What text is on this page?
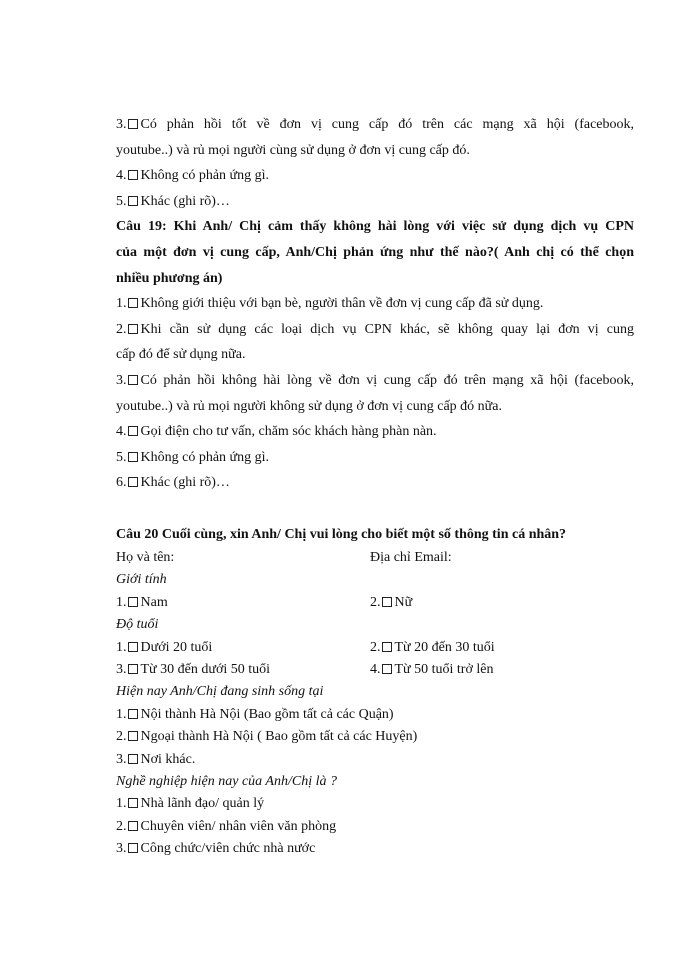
3. Có phản hồi tốt về đơn vị cung cấp đó trên các mạng xã hội (facebook,
youtube..) và rủ mọi người cùng sử dụng ở đơn vị cung cấp đó.
4. Không có phản ứng gì.
5. Khác (ghi rõ)…
Câu 19: Khi Anh/ Chị cảm thấy không hài lòng với việc sử dụng dịch vụ CPN
của một đơn vị cung cấp, Anh/Chị phản ứng như thế nào?( Anh chị có thể chọn
nhiều phương án)
1. Không giới thiệu với bạn bè, người thân về đơn vị cung cấp đã sử dụng.
2. Khi cần sử dụng các loại dịch vụ CPN khác, sẽ không quay lại đơn vị cung
cấp đó để sử dụng nữa.
3. Có phản hồi không hài lòng về đơn vị cung cấp đó trên mạng xã hội (facebook,
youtube..) và rủ mọi người không sử dụng ở đơn vị cung cấp đó nữa.
4. Gọi điện cho tư vấn, chăm sóc khách hàng phàn nàn.
5. Không có phản ứng gì.
6. Khác (ghi rõ)…
Câu 20 Cuối cùng, xin Anh/ Chị vui lòng cho biết một số thông tin cá nhân?
Họ và tên:	Địa chỉ Email:
Giới tính
1. Nam	2. Nữ
Độ tuổi
1. Dưới 20 tuổi	2. Từ 20 đến 30 tuổi
3. Từ 30 đến dưới 50 tuổi	4. Từ 50 tuổi trở lên
Hiện nay Anh/Chị đang sinh sống tại
1. Nội thành Hà Nội (Bao gồm tất cả các Quận)
2. Ngoại thành Hà Nội ( Bao gồm tất cả các Huyện)
3. Nơi khác.
Nghề nghiệp hiện nay của Anh/Chị là ?
1. Nhà lãnh đạo/ quản lý
2. Chuyên viên/ nhân viên văn phòng
3. Công chức/viên chức nhà nước
